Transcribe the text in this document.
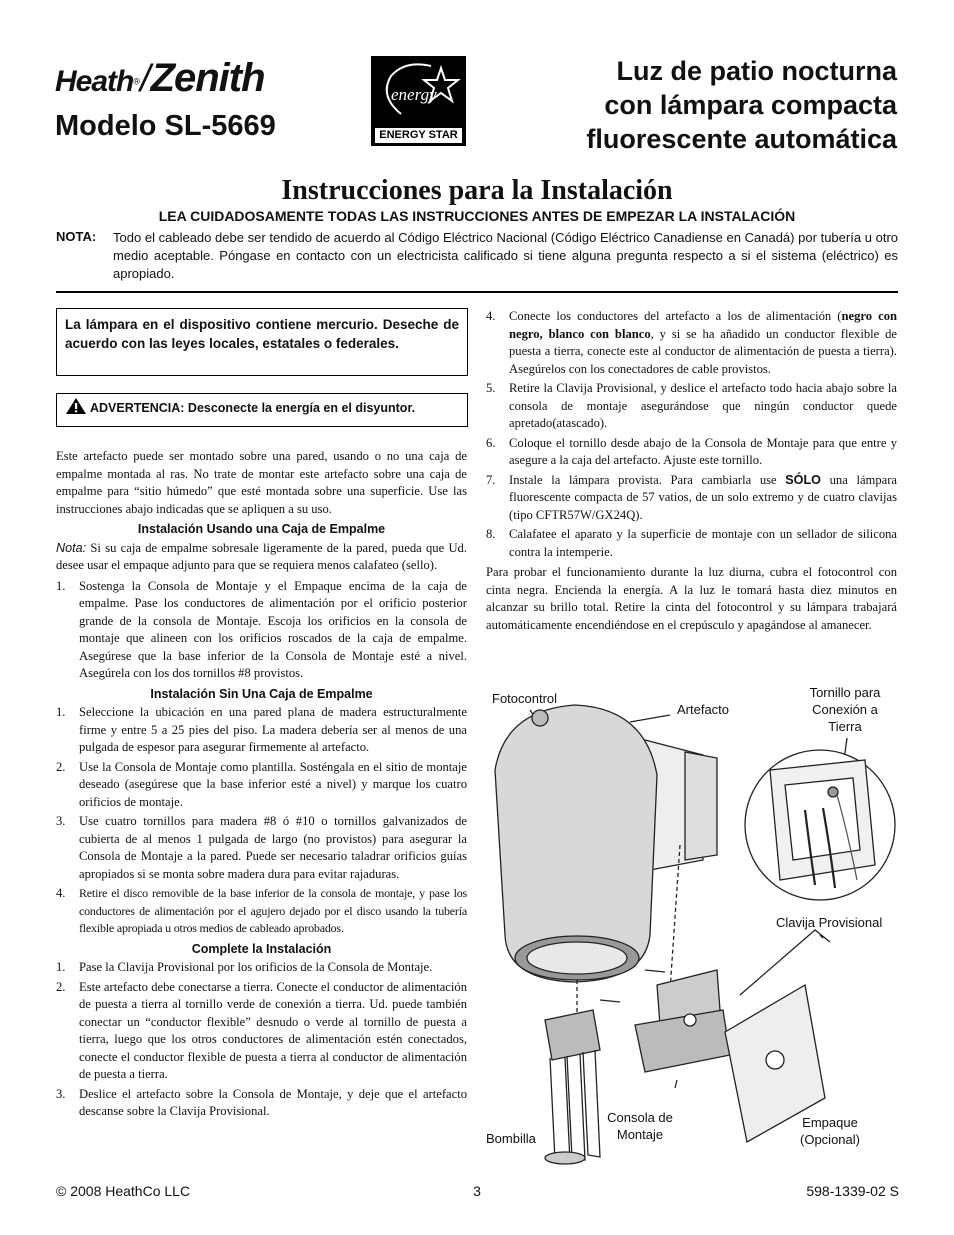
Heath®/Zenith
Modelo SL-5669
energy
ENERGY STAR
Luz de patio nocturna
con lámpara compacta
fluorescente automática
Instrucciones para la Instalación
LEA CUIDADOSAMENTE TODAS LAS INSTRUCCIONES ANTES DE EMPEZAR LA INSTALACIÓN
NOTA: Todo el cableado debe ser tendido de acuerdo al Código Eléctrico Nacional (Código Eléctrico Canadiense en Canadá) por tubería u otro medio aceptable. Póngase en contacto con un electricista calificado si tiene alguna pregunta respecto a si el sistema (eléctrico) es apropiado.
La lámpara en el dispositivo contiene mercurio. Deseche de acuerdo con las leyes locales, estatales o federales.
ADVERTENCIA: Desconecte la energía en el disyuntor.

Este artefacto puede ser montado sobre una pared, usando o no una caja de empalme montada al ras. No trate de montar este artefacto sobre una caja de empalme para “sitio húmedo” que esté montada sobre una superficie. Use las instrucciones abajo indicadas que se apliquen a su uso.

Instalación Usando una Caja de Empalme

Nota: Si su caja de empalme sobresale ligeramente de la pared, pueda que Ud. desee usar el empaque adjunto para que se requiera menos calafateo (sello).

1.	Sostenga la Consola de Montaje y el Empaque encima de la caja de empalme. Pase los conductores de alimentación por el orificio posterior grande de la consola de Montaje. Escoja los orificios en la consola de montaje que alineen con los orificios roscados de la caja de empalme. Asegúrese que la base inferior de la Consola de Montaje esté a nivel. Asegúrela con los dos tornillos #8 provistos.
Instalación Sin Una Caja de Empalme
1.	Seleccione la ubicación en una pared plana de madera estructuralmente firme y entre 5 a 25 pies del piso. La madera debería ser al menos de una pulgada de espesor para asegurar firmemente al artefacto.
2.	Use la Consola de Montaje como plantilla. Sosténgala en el sitio de montaje deseado (asegúrese que la base inferior esté a nivel) y marque los cuatro orificios de montaje.
3.	Use cuatro tornillos para madera #8 ó #10 o tornillos galvanizados de cubierta de al menos 1 pulgada de largo (no provistos) para asegurar la Consola de Montaje a la pared. Puede ser necesario taladrar orificios guías apropiados si se monta sobre madera dura para evitar rajaduras.
4.	Retire el disco removible de la base inferior de la consola de montaje, y pase los conductores de alimentación por el agujero dejado por el disco usando la tubería flexible apropiada u otros medios de cableado aprobados.
Complete la Instalación
1.	Pase la Clavija Provisional por los orificios de la Consola de Montaje.
2.	Este artefacto debe conectarse a tierra. Conecte el conductor de alimentación de puesta a tierra al tornillo verde de conexión a tierra. Ud. puede también conectar un “conductor flexible” desnudo o verde al tornillo de puesta a tierra, luego que los otros conductores de alimentación estén conectados, conecte el conductor flexible de puesta a tierra al conductor de alimentación de puesta a tierra.
3.	Deslice el artefacto sobre la Consola de Montaje, y deje que el artefacto descanse sobre la Clavija Provisional.
4.	Conecte los conductores del artefacto a los de alimentación (negro con negro, blanco con blanco, y si se ha añadido un conductor flexible de puesta a tierra, conecte este al conductor de alimentación de puesta a tierra). Asegúrelos con los conectadores de cable provistos.
5.	Retire la Clavija Provisional, y deslice el artefacto todo hacia abajo sobre la consola de montaje asegurándose que ningún conductor quede apretado(atascado).
6.	Coloque el tornillo desde abajo de la Consola de Montaje para que entre y asegure a la caja del artefacto. Ajuste este tornillo.
7.	Instale la lámpara provista. Para cambiarla use SÓLO una lámpara fluorescente compacta de 57 vatios, de un solo extremo y de cuatro clavijas (tipo CFTR57W/GX24Q).
8.	Calafatee el aparato y la superficie de montaje con un sellador de silicona contra la intemperie.

Para probar el funcionamiento durante la luz diurna, cubra el fotocontrol con cinta negra. Encienda la energía. A la luz le tomará hasta diez minutos en alcanzar su brillo total. Retire la cinta del fotocontrol y su lámpara trabajará automáticamente encendiéndose en el crepúsculo y apagándose al amanecer.

Fotocontrol
Artefacto
Tornillo para
Conexión a
Tierra
Clavija Provisional
Bombilla
Consola de
Montaje
Empaque
(Opcional)
© 2008 HeathCo LLC	3	598-1339-02 S
